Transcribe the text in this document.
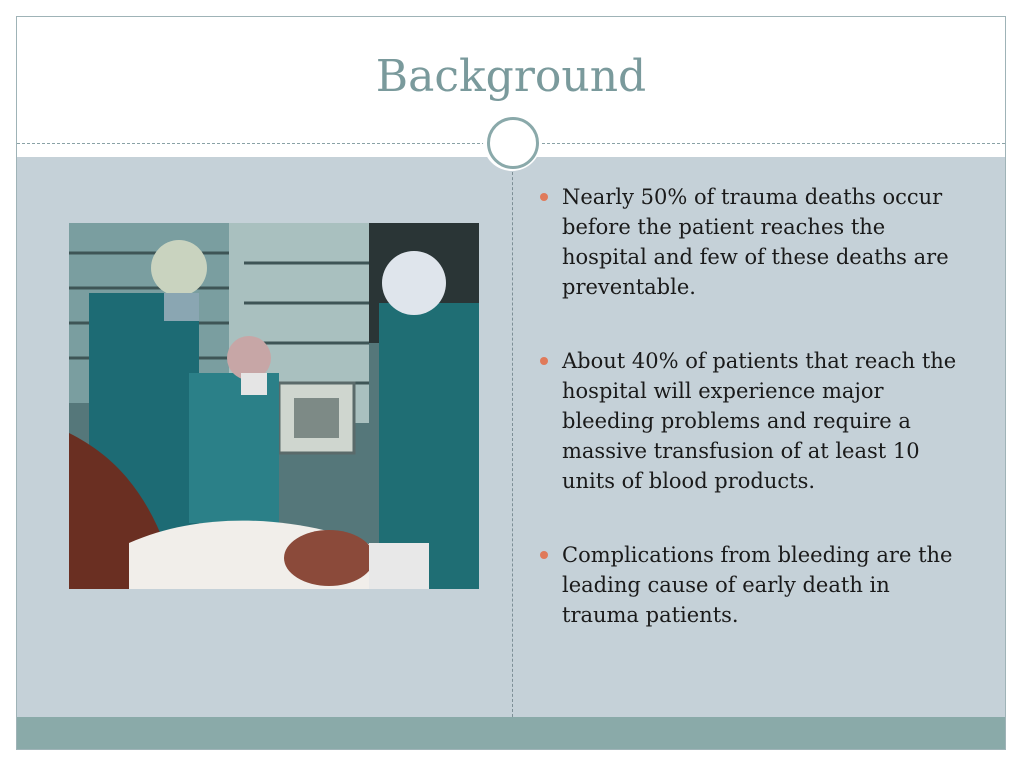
Background
Nearly 50% of trauma deaths occur before the patient reaches the hospital and few of these deaths are preventable.
About 40% of patients that reach the hospital will experience major bleeding problems and require a massive transfusion of at least 10 units of blood products.
Complications from bleeding are the leading cause of early death in trauma patients.
